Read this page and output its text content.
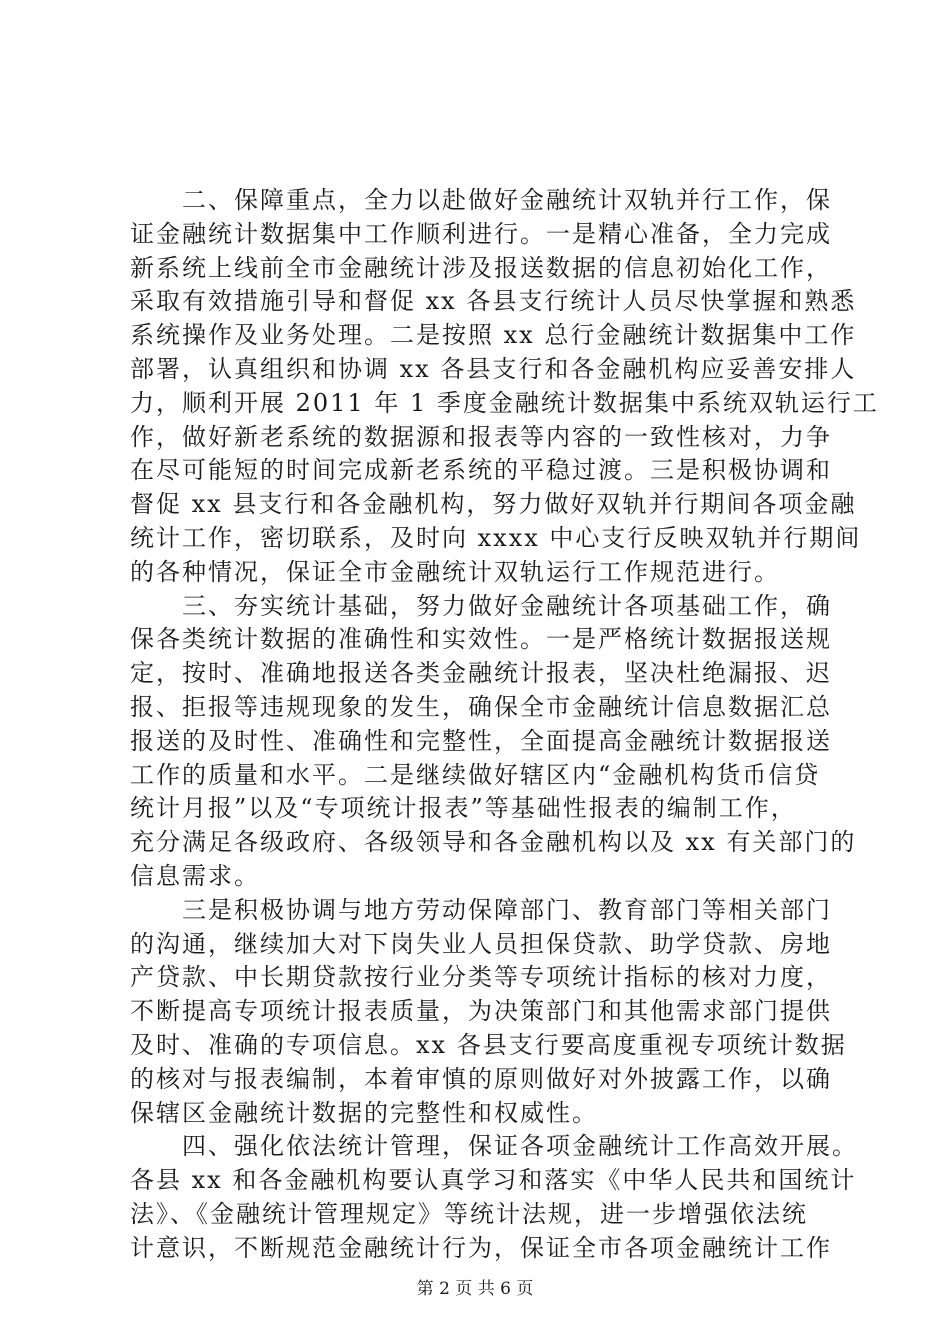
　　二、保障重点，全力以赴做好金融统计双轨并行工作，保
证金融统计数据集中工作顺利进行。一是精心准备，全力完成
新系统上线前全市金融统计涉及报送数据的信息初始化工作，
采取有效措施引导和督促 xx 各县支行统计人员尽快掌握和熟悉
系统操作及业务处理。二是按照 xx 总行金融统计数据集中工作
部署，认真组织和协调 xx 各县支行和各金融机构应妥善安排人
力，顺利开展 2011 年 1 季度金融统计数据集中系统双轨运行工
作，做好新老系统的数据源和报表等内容的一致性核对，力争
在尽可能短的时间完成新老系统的平稳过渡。三是积极协调和
督促 xx 县支行和各金融机构，努力做好双轨并行期间各项金融
统计工作，密切联系，及时向 xxxx 中心支行反映双轨并行期间
的各种情况，保证全市金融统计双轨运行工作规范进行。
　　三、夯实统计基础，努力做好金融统计各项基础工作，确
保各类统计数据的准确性和实效性。一是严格统计数据报送规
定，按时、准确地报送各类金融统计报表，坚决杜绝漏报、迟
报、拒报等违规现象的发生，确保全市金融统计信息数据汇总
报送的及时性、准确性和完整性，全面提高金融统计数据报送
工作的质量和水平。二是继续做好辖区内“金融机构货币信贷
统计月报”以及“专项统计报表”等基础性报表的编制工作，
充分满足各级政府、各级领导和各金融机构以及 xx 有关部门的
信息需求。
　　三是积极协调与地方劳动保障部门、教育部门等相关部门
的沟通，继续加大对下岗失业人员担保贷款、助学贷款、房地
产贷款、中长期贷款按行业分类等专项统计指标的核对力度，
不断提高专项统计报表质量，为决策部门和其他需求部门提供
及时、准确的专项信息。xx 各县支行要高度重视专项统计数据
的核对与报表编制，本着审慎的原则做好对外披露工作，以确
保辖区金融统计数据的完整性和权威性。
　　四、强化依法统计管理，保证各项金融统计工作高效开展。
各县 xx 和各金融机构要认真学习和落实《中华人民共和国统计
法》、《金融统计管理规定》等统计法规，进一步增强依法统
计意识，不断规范金融统计行为，保证全市各项金融统计工作
第 2 页 共 6 页
